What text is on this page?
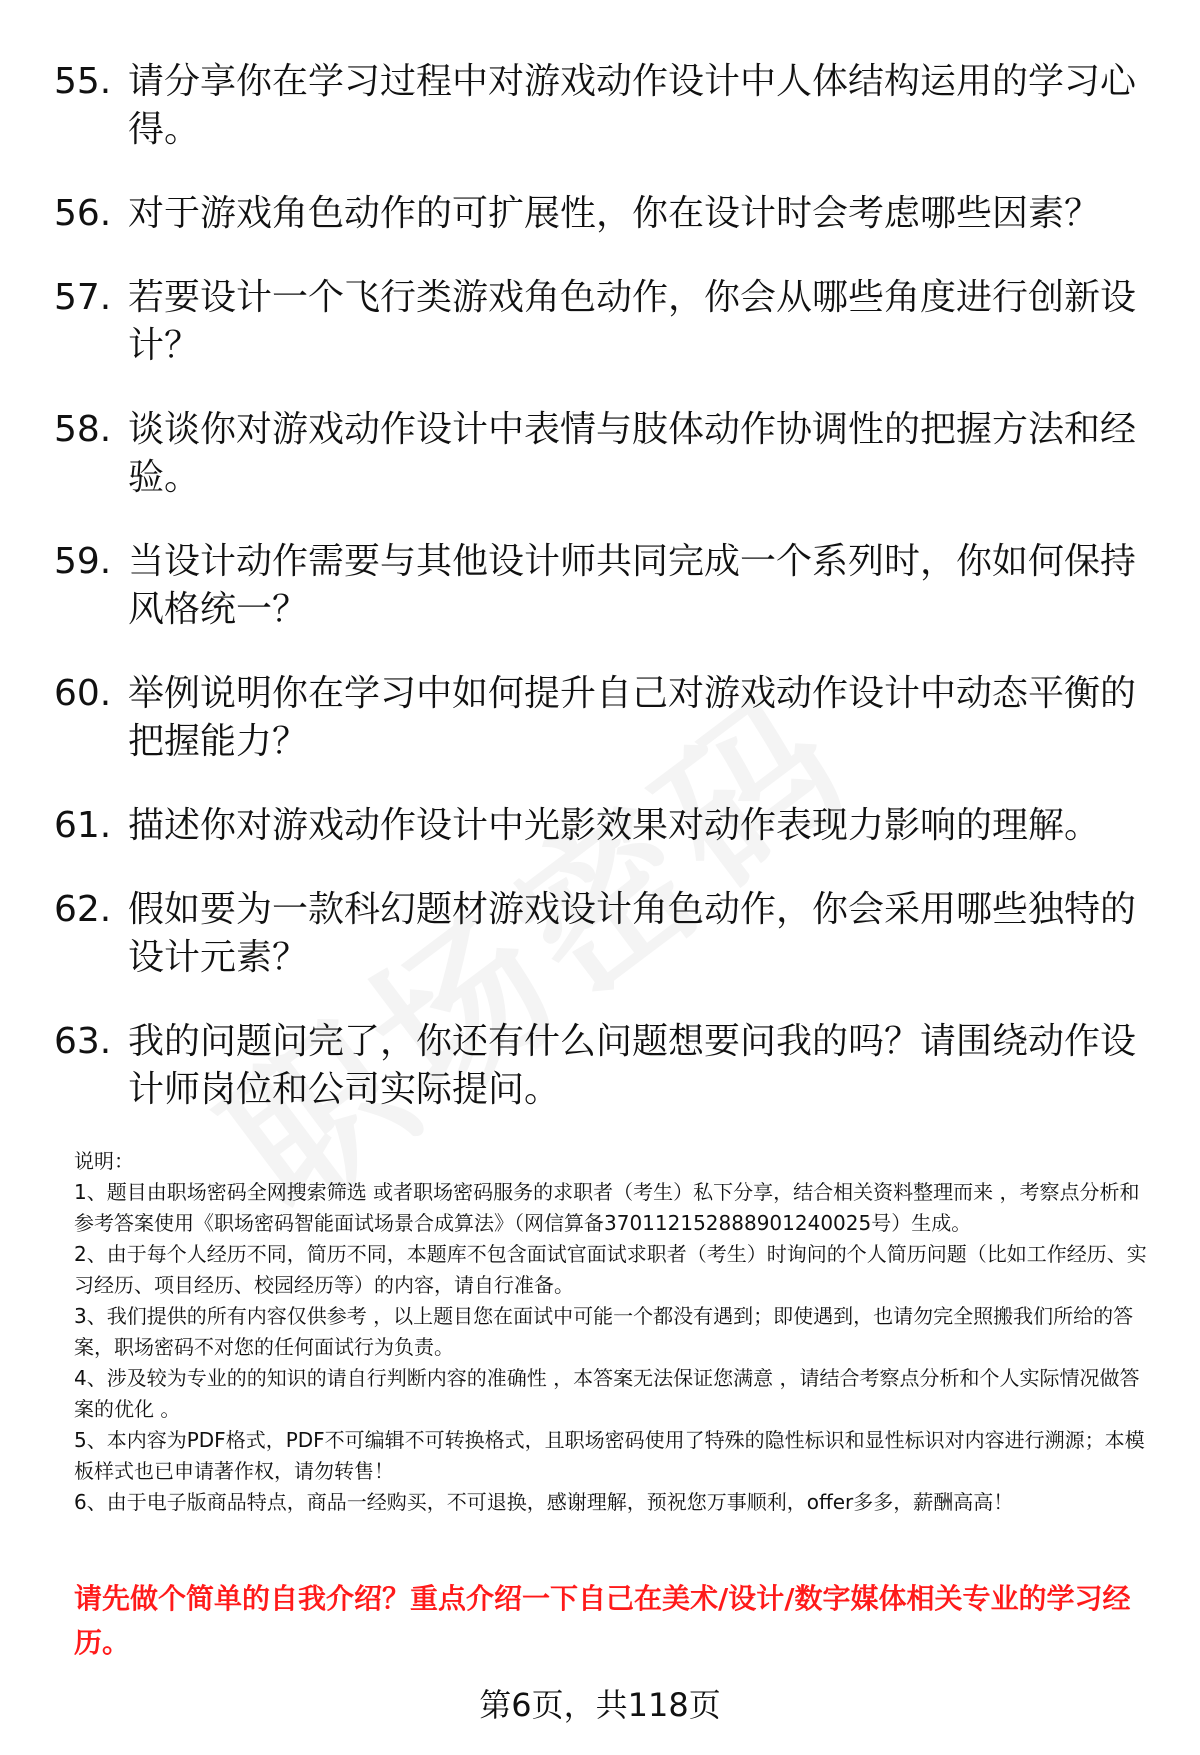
55. 请分享你在学习过程中对游戏动作设计中人体结构运用的学习心得。
56. 对于游戏角色动作的可扩展性，你在设计时会考虑哪些因素？
57. 若要设计一个飞行类游戏角色动作，你会从哪些角度进行创新设计？
58. 谈谈你对游戏动作设计中表情与肢体动作协调性的把握方法和经验。
59. 当设计动作需要与其他设计师共同完成一个系列时，你如何保持风格统一？
60. 举例说明你在学习中如何提升自己对游戏动作设计中动态平衡的把握能力？
61. 描述你对游戏动作设计中光影效果对动作表现力影响的理解。
62. 假如要为一款科幻题材游戏设计角色动作，你会采用哪些独特的设计元素？
63. 我的问题问完了，你还有什么问题想要问我的吗？请围绕动作设计师岗位和公司实际提问。

说明：

1、题目由职场密码全网搜索筛选 或者职场密码服务的求职者（考生）私下分享，结合相关资料整理而来 ，考察点分析和参考答案使用《职场密码智能面试场景合成算法》（网信算备370112152888901240025号）生成。

2、由于每个人经历不同，简历不同，本题库不包含面试官面试求职者（考生）时询问的个人简历问题（比如工作经历、实习经历、项目经历、校园经历等）的内容，请自行准备。

3、我们提供的所有内容仅供参考 ，以上题目您在面试中可能一个都没有遇到；即使遇到，也请勿完全照搬我们所给的答案，职场密码不对您的任何面试行为负责。

4、涉及较为专业的的知识的请自行判断内容的准确性 ，本答案无法保证您满意 ，请结合考察点分析和个人实际情况做答案的优化 。

5、本内容为PDF格式，PDF不可编辑不可转换格式，且职场密码使用了特殊的隐性标识和显性标识对内容进行溯源；本模板样式也已申请著作权，请勿转售！

6、由于电子版商品特点，商品一经购买，不可退换，感谢理解，预祝您万事顺利，offer多多，薪酬高高！

请先做个简单的自我介绍？重点介绍一下自己在美术/设计/数字媒体相关专业的学习经历。
第6页，共118页
